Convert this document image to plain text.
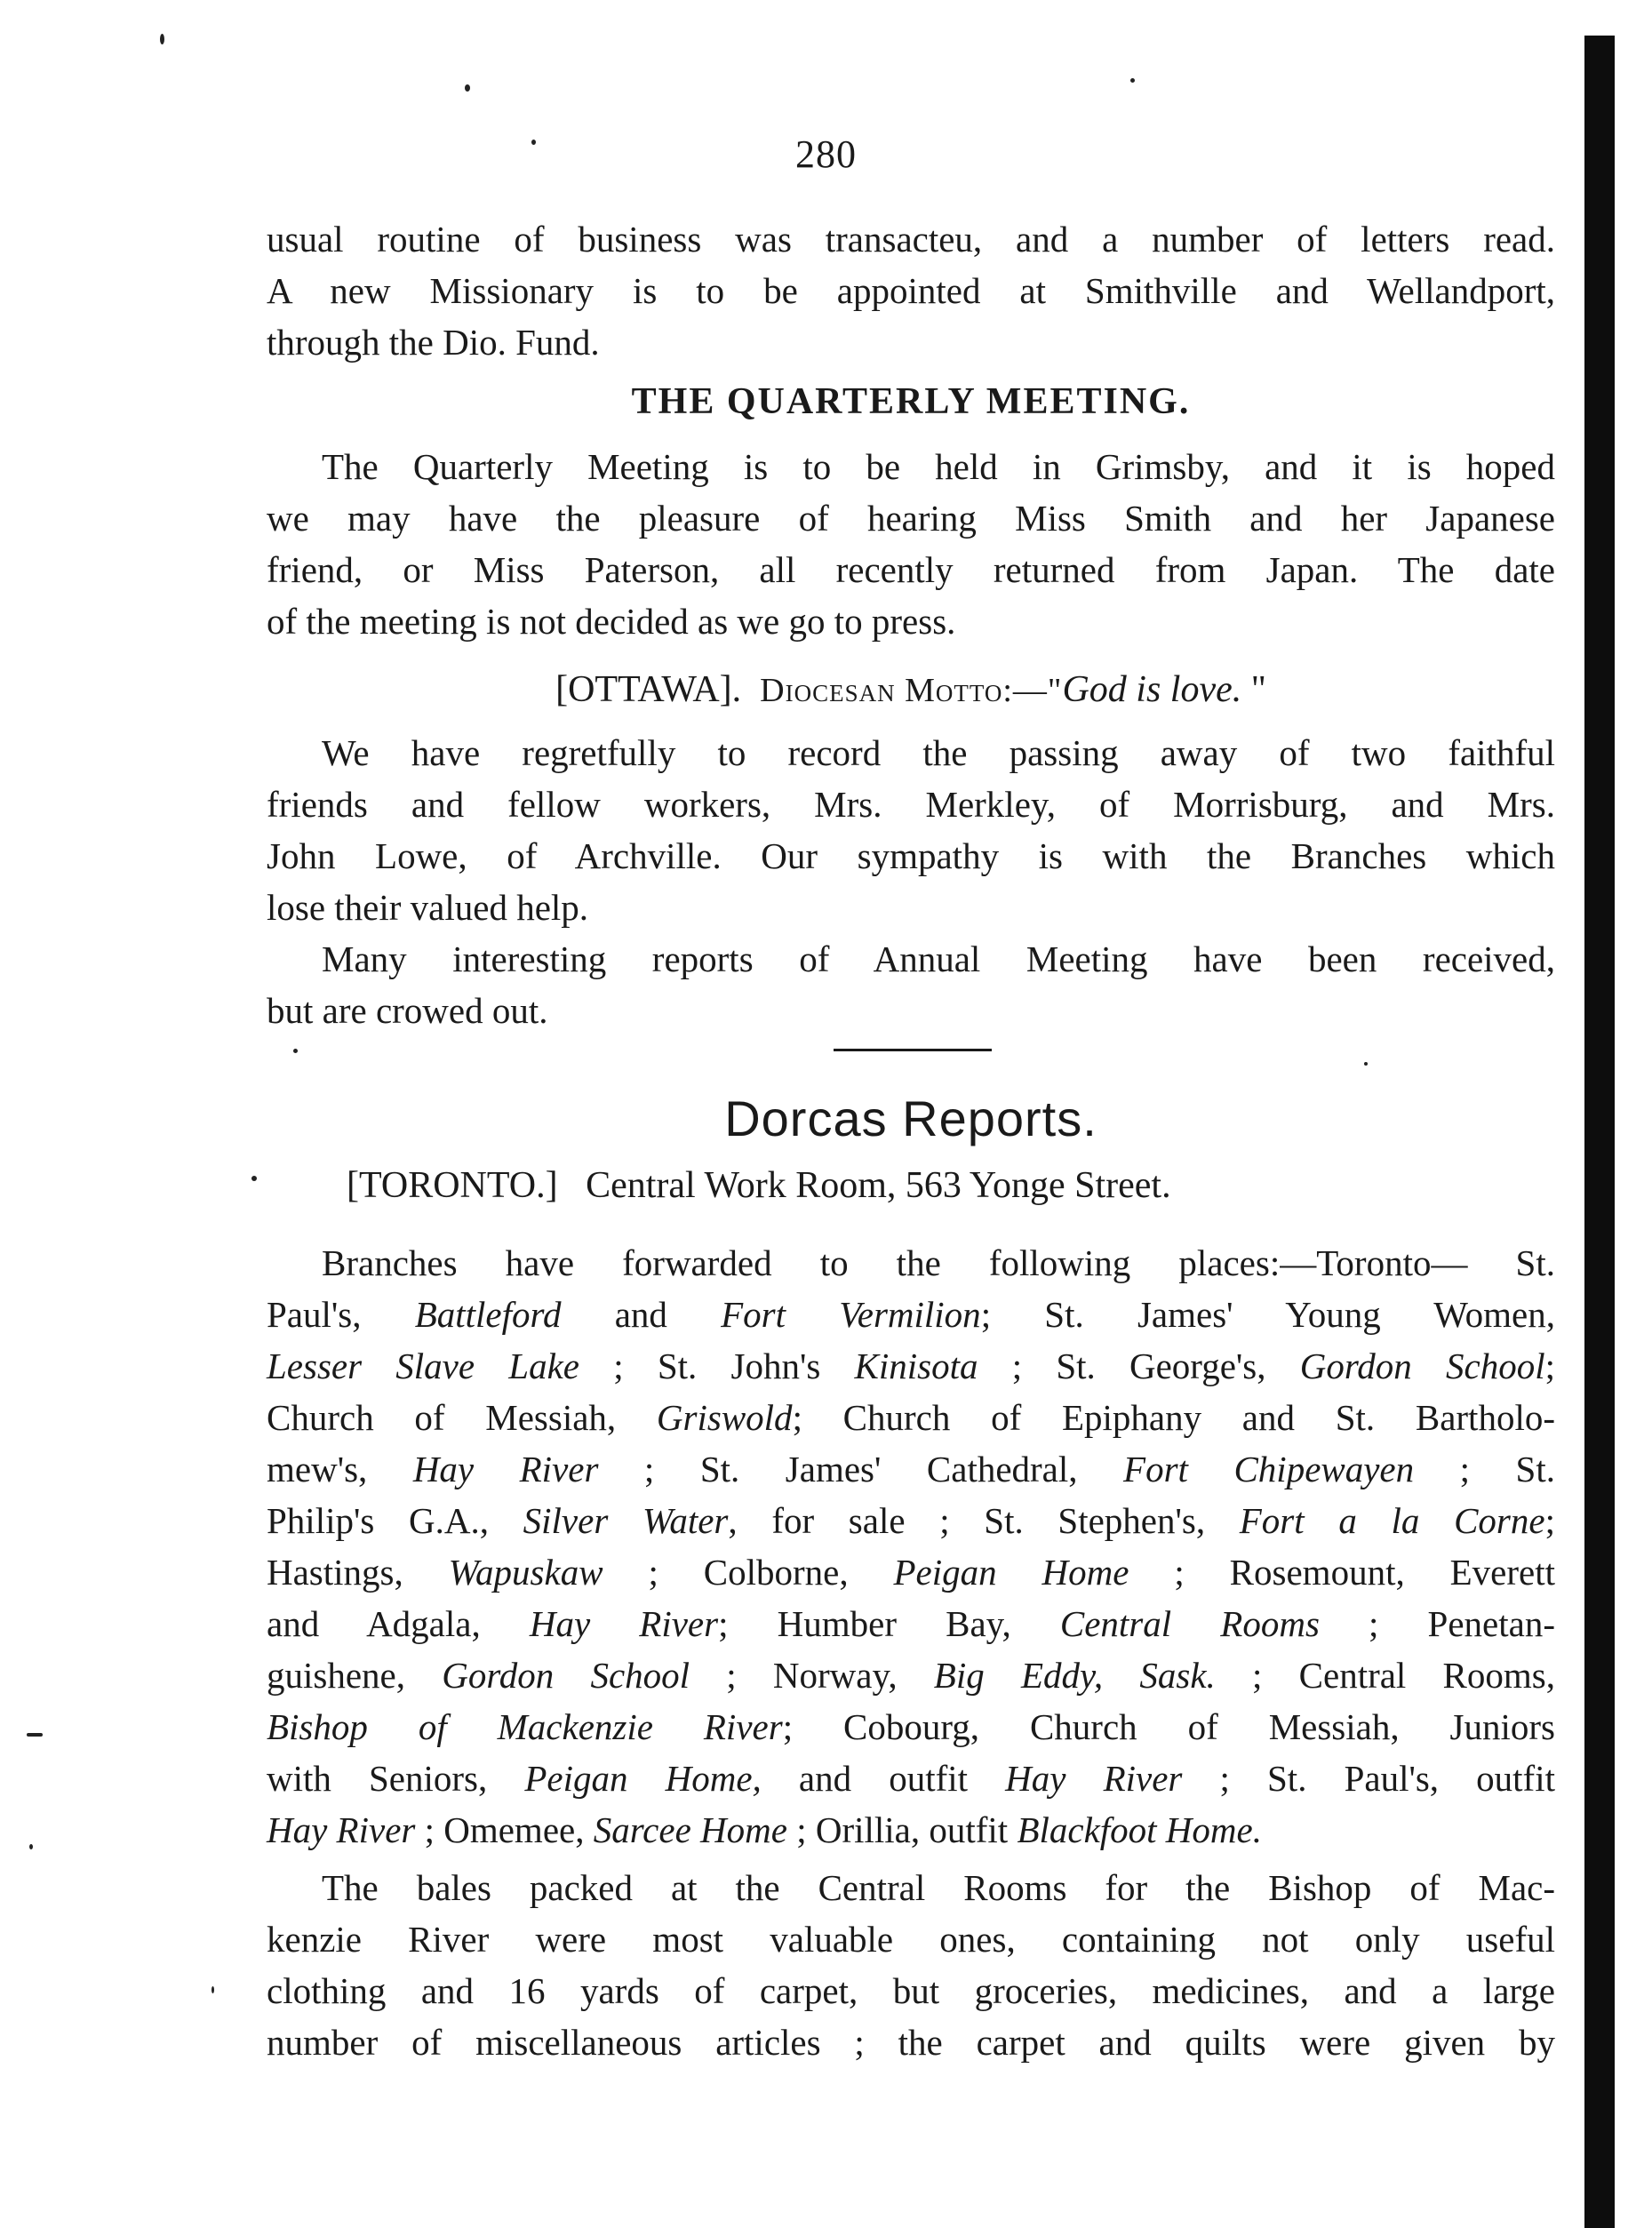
280

usual routine of business was transacteu, and a number of letters read.
A new Missionary is to be appointed at Smithville and Wellandport,
through the Dio. Fund.

THE QUARTERLY MEETING.

The Quarterly Meeting is to be held in Grimsby, and it is hoped
we may have the pleasure of hearing Miss Smith and her Japanese
friend, or Miss Paterson, all recently returned from Japan. The date
of the meeting is not decided as we go to press.

[OTTAWA]. Diocesan Motto:—"God is love. "

We have regretfully to record the passing away of two faithful
friends and fellow workers, Mrs. Merkley, of Morrisburg, and Mrs.
John Lowe, of Archville. Our sympathy is with the Branches which
lose their valued help.

Many interesting reports of Annual Meeting have been received,
but are crowed out.

Dorcas Reports.
[TORONTO.] Central Work Room, 563 Yonge Street.

Branches have forwarded to the following places:—Toronto— St.
Paul's, Battleford and Fort Vermilion; St. James' Young Women,
Lesser Slave Lake ; St. John's Kinisota ; St. George's, Gordon School;
Church of Messiah, Griswold; Church of Epiphany and St. Bartholo-
mew's, Hay River ; St. James' Cathedral, Fort Chipewayen ; St.
Philip's G.A., Silver Water, for sale ; St. Stephen's, Fort a la Corne;
Hastings, Wapuskaw ; Colborne, Peigan Home ; Rosemount, Everett
and Adgala, Hay River; Humber Bay, Central Rooms ; Penetan-
guishene, Gordon School ; Norway, Big Eddy, Sask. ; Central Rooms,
Bishop of Mackenzie River; Cobourg, Church of Messiah, Juniors
with Seniors, Peigan Home, and outfit Hay River ; St. Paul's, outfit
Hay River ; Omemee, Sarcee Home ; Orillia, outfit Blackfoot Home.

The bales packed at the Central Rooms for the Bishop of Mac-
kenzie River were most valuable ones, containing not only useful
clothing and 16 yards of carpet, but groceries, medicines, and a large
number of miscellaneous articles ; the carpet and quilts were given by
